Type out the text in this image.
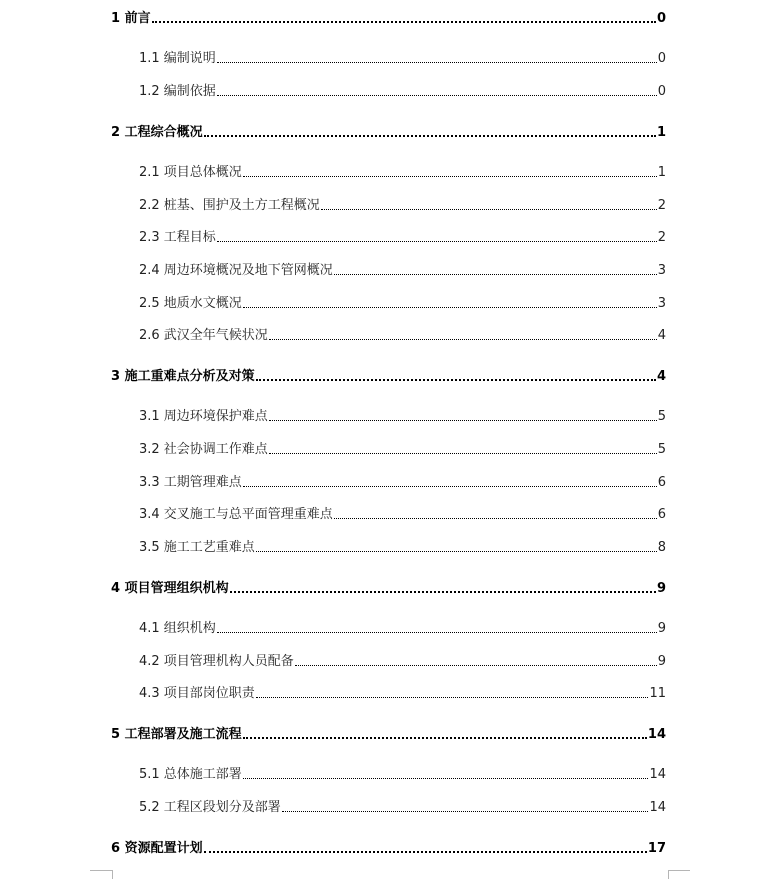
1 前言	0
1.1 编制说明	0
1.2 编制依据	0
2 工程综合概况	1
2.1 项目总体概况	1
2.2 桩基、围护及土方工程概况	2
2.3 工程目标	2
2.4 周边环境概况及地下管网概况	3
2.5 地质水文概况	3
2.6 武汉全年气候状况	4
3 施工重难点分析及对策	4
3.1 周边环境保护难点	5
3.2 社会协调工作难点	5
3.3 工期管理难点	6
3.4 交叉施工与总平面管理重难点	6
3.5 施工工艺重难点	8
4 项目管理组织机构	9
4.1 组织机构	9
4.2 项目管理机构人员配备	9
4.3 项目部岗位职责	11
5 工程部署及施工流程	14
5.1 总体施工部署	14
5.2 工程区段划分及部署	14
6 资源配置计划	17
